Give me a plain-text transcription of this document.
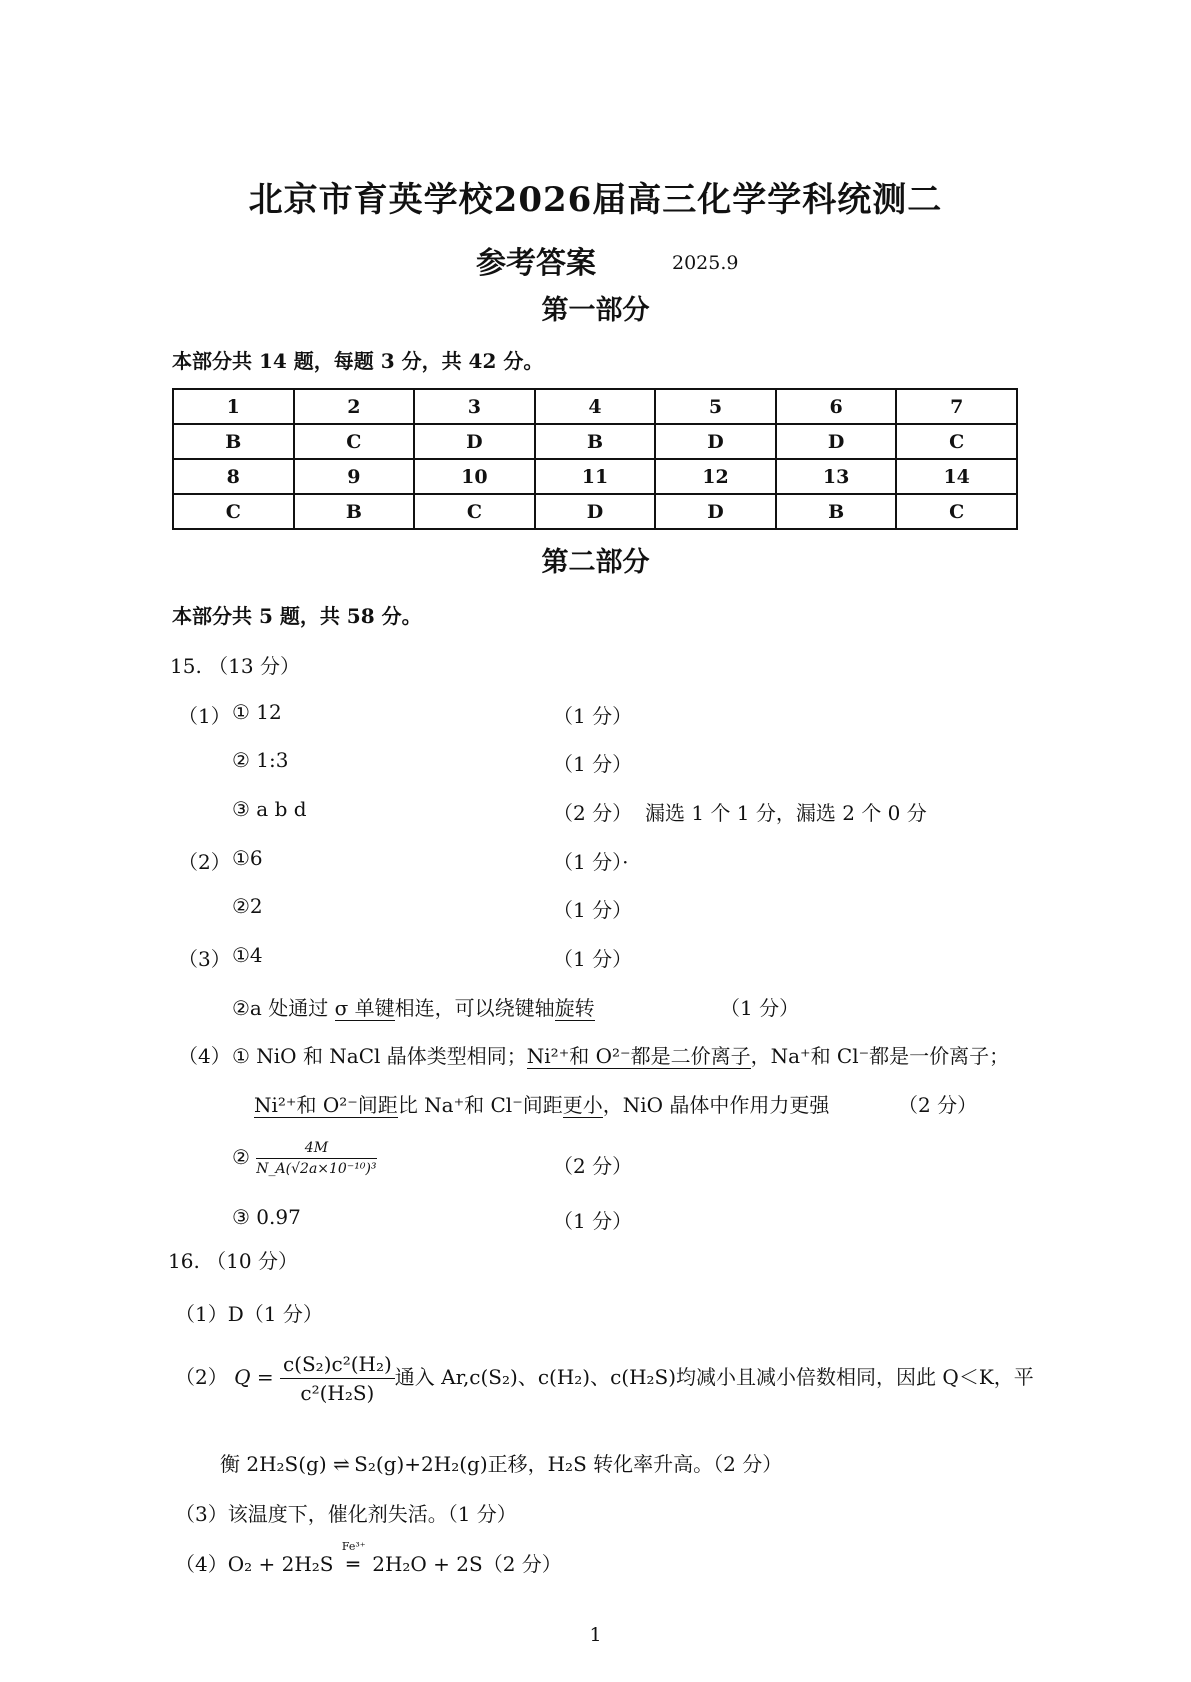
北京市育英学校2026届高三化学学科统测二
参考答案	2025.9
第一部分
本部分共 14 题，每题 3 分，共 42 分。
1	2	3	4	5	6	7
B	C	D	B	D	D	C
8	9	10	11	12	13	14
C	B	C	D	D	B	C
第二部分
本部分共 5 题，共 58 分。
15. （13 分）
（1） ① 12	（1 分）
② 1:3	（1 分）
③ a b d	（2 分） 漏选 1 个 1 分，漏选 2 个 0 分
（2） ①6	（1 分）·
②2	（1 分）
（3） ①4	（1 分）
②a 处通过 σ 单键相连，可以绕键轴旋转	（1 分）
（4） ① NiO 和 NaCl 晶体类型相同；Ni²⁺和 O²⁻都是二价离子，Na⁺和 Cl⁻都是一价离子；
Ni²⁺和 O²⁻间距比 Na⁺和 Cl⁻间距更小，NiO 晶体中作用力更强	（2 分）
② $\frac{4M}{\text{N\_A(√2a×10⁻¹⁰)³}}$	（2 分）
③ 0.97	（1 分）
16. （10 分）
（1）D（1 分）
（2） $Q = \frac{\text{c(S₂)c²(H₂)}}{\text{c²(H₂S)}}$ 通入 Ar,c(S₂)、c(H₂)、c(H₂S)均减小且减小倍数相同，因此 Q＜K，平
衡 2H₂S(g) ⇌ S₂(g)+2H₂(g)正移，H₂S 转化率升高。（2 分）
（3）该温度下，催化剂失活。（1 分）
（4）O₂ + 2H₂S
Fe³⁺
═ 2H₂O + 2S（2 分）
1
